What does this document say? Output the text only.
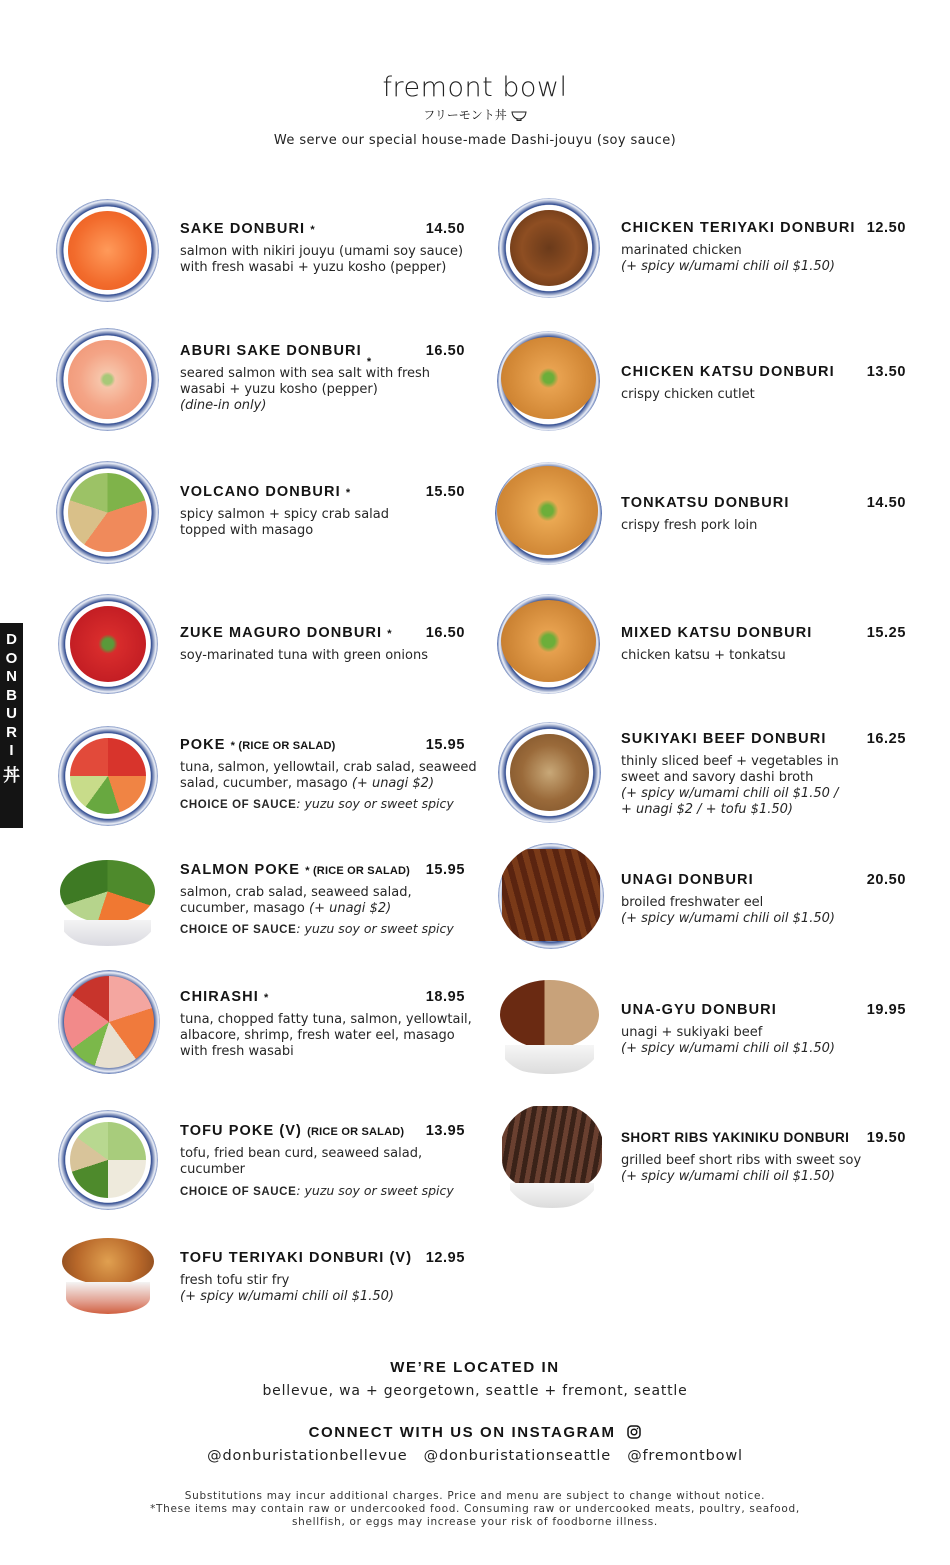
fremont bowl
フリーモント丼
We serve our special house-made Dashi-jouyu (soy sauce)
D
O
N
B
U
R
I
丼
SAKE DONBURI *	14.50
salmon with nikiri jouyu (umami soy sauce)
with fresh wasabi + yuzu kosho (pepper)
ABURI SAKE DONBURI $_*$
16.50
seared salmon with sea salt with fresh
wasabi + yuzu kosho (pepper)
(dine-in only)
VOLCANO DONBURI *	15.50
spicy salmon + spicy crab salad
topped with masago
ZUKE MAGURO DONBURI *	16.50
soy-marinated tuna with green onions
POKE * (RICE OR SALAD)	15.95
tuna, salmon, yellowtail, crab salad, seaweed
salad, cucumber, masago (+ unagi $2)
CHOICE OF SAUCE: yuzu soy or sweet spicy
SALMON POKE * (RICE OR SALAD)	15.95
salmon, crab salad, seaweed salad,
cucumber, masago (+ unagi $2)
CHOICE OF SAUCE: yuzu soy or sweet spicy
CHIRASHI *	18.95
tuna, chopped fatty tuna, salmon, yellowtail,
albacore, shrimp, fresh water eel, masago
with fresh wasabi
TOFU POKE (V) (RICE OR SALAD)	13.95
tofu, fried bean curd, seaweed salad,
cucumber
CHOICE OF SAUCE: yuzu soy or sweet spicy
TOFU TERIYAKI DONBURI (V) 12.95
fresh tofu stir fry
(+ spicy w/umami chili oil $1.50)
CHICKEN TERIYAKI DONBURI 12.50
marinated chicken
(+ spicy w/umami chili oil $1.50)
CHICKEN KATSU DONBURI	13.50
crispy chicken cutlet
TONKATSU DONBURI	14.50
crispy fresh pork loin
MIXED KATSU DONBURI	15.25
chicken katsu + tonkatsu
SUKIYAKI BEEF DONBURI	16.25
thinly sliced beef + vegetables in
sweet and savory dashi broth
(+ spicy w/umami chili oil $1.50 /
+ unagi $2 / + tofu $1.50)
UNAGI DONBURI	20.50
broiled freshwater eel
(+ spicy w/umami chili oil $1.50)
UNA-GYU DONBURI	19.95
unagi + sukiyaki beef
(+ spicy w/umami chili oil $1.50)
SHORT RIBS YAKINIKU DONBURI	19.50
grilled beef short ribs with sweet soy
(+ spicy w/umami chili oil $1.50)
WE’RE LOCATED IN
bellevue, wa + georgetown, seattle + fremont, seattle
CONNECT WITH US ON INSTAGRAM
@donburistationbellevue   @donburistationseattle   @fremontbowl
Substitutions may incur additional charges. Price and menu are subject to change without notice.
*These items may contain raw or undercooked food. Consuming raw or undercooked meats, poultry, seafood,
shellfish, or eggs may increase your risk of foodborne illness.
